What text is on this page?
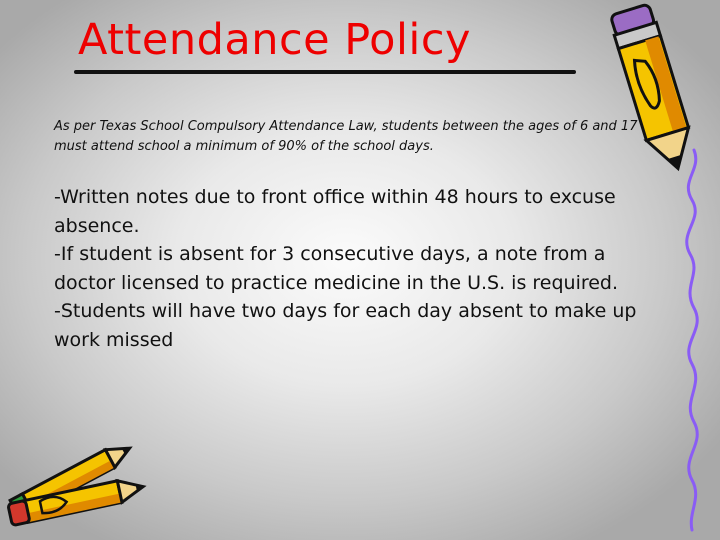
Attendance Policy

As per Texas School Compulsory Attendance Law, students between the ages of 6 and 17 must attend school a minimum of 90% of the school days.

-Written notes due to front office within 48 hours to excuse absence.
-If student is absent for 3 consecutive days, a note from a doctor licensed to practice medicine in the U.S. is required.
-Students will have two days for each day absent to make up work missed
